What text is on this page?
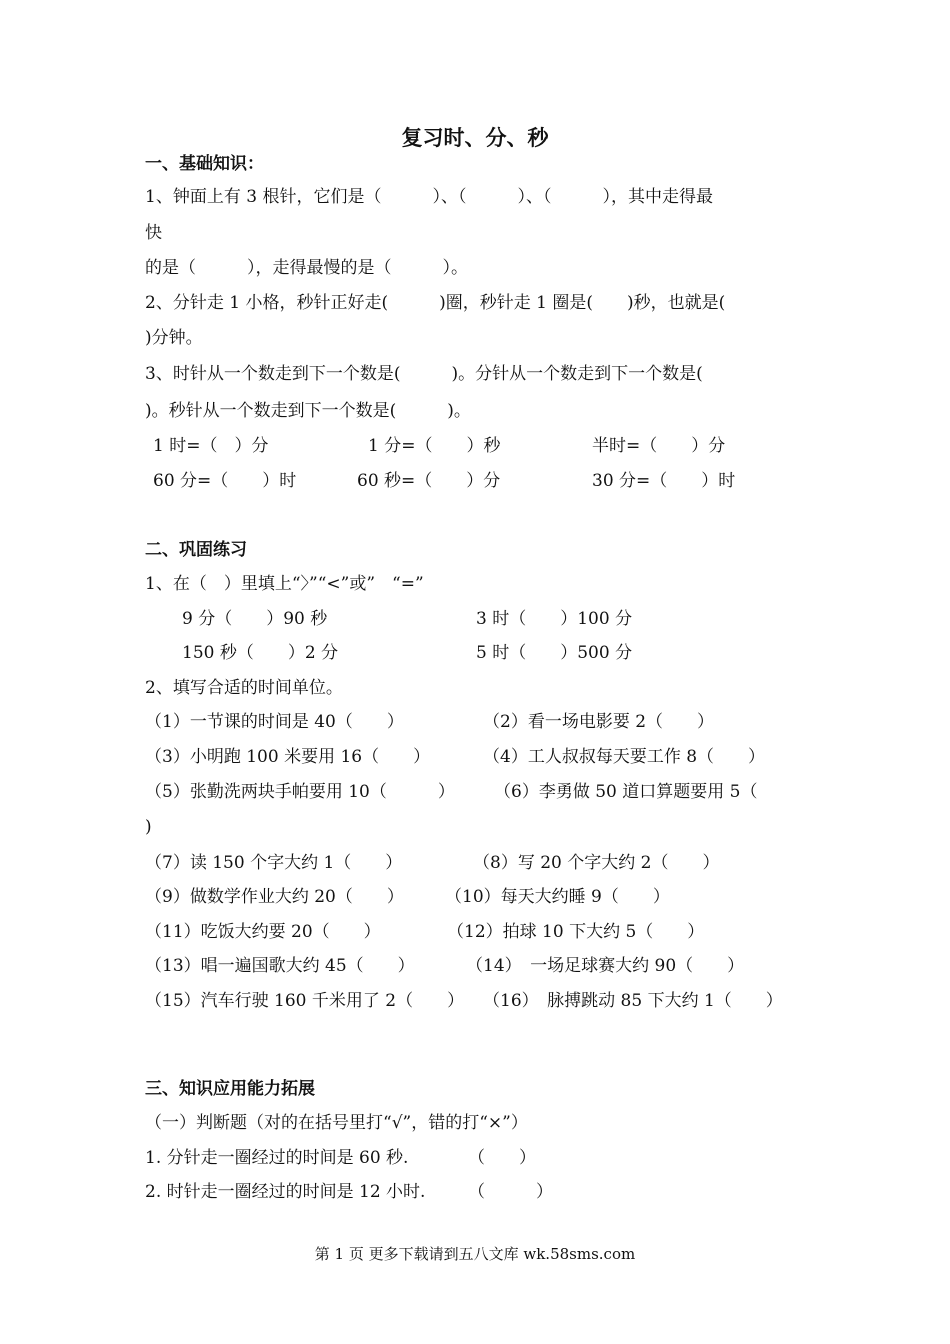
复习时、分、秒
一、基础知识：
1、钟面上有 3 根针，它们是（　　　）、（　　　）、（　　　），其中走得最
快
的是（　　　），走得最慢的是（　　　）。
2、分针走 1 小格，秒针正好走(　　　)圈，秒针走 1 圈是(　　)秒，也就是(
)分钟。
3、时针从一个数走到下一个数是(　　　)。分针从一个数走到下一个数是(
)。秒针从一个数走到下一个数是(　　　)。
1 时=（　）分	1 分=（　　）秒	半时=（　　）分
60 分=（　　）时	60 秒=（　　）分	30 分=（　　）时
二、巩固练习
1、在（　）里填上“〉”“<”或”　“=”
9 分（　　）90 秒	3 时（　　）100 分
150 秒（　　）2 分	5 时（　　）500 分
2、填写合适的时间单位。
（1）一节课的时间是 40（　　）	（2）看一场电影要 2（　　）
（3）小明跑 100 米要用 16（　　）	（4）工人叔叔每天要工作 8（　　）
（5）张勤洗两块手帕要用 10（　　　） （6）李勇做 50 道口算题要用 5（
)
（7）读 150 个字大约 1（　　）	（8）写 20 个字大约 2（　　）
（9）做数学作业大约 20（　　） （10）每天大约睡 9（　　）
（11）吃饭大约要 20（　　）	（12）拍球 10 下大约 5（　　）
（13）唱一遍国歌大约 45（　　）	（14）　一场足球赛大约 90（　　）
（15）汽车行驶 160 千米用了 2（　　） （16）　脉搏跳动 85 下大约 1（　　）
三、知识应用能力拓展
（一）判断题（对的在括号里打“√”，错的打“×”）
1. 分针走一圈经过的时间是 60 秒.　　　　（　　）
2. 时针走一圈经过的时间是 12 小时.　　　（　　　）
第 1 页 更多下载请到五八文库 wk.58sms.com
